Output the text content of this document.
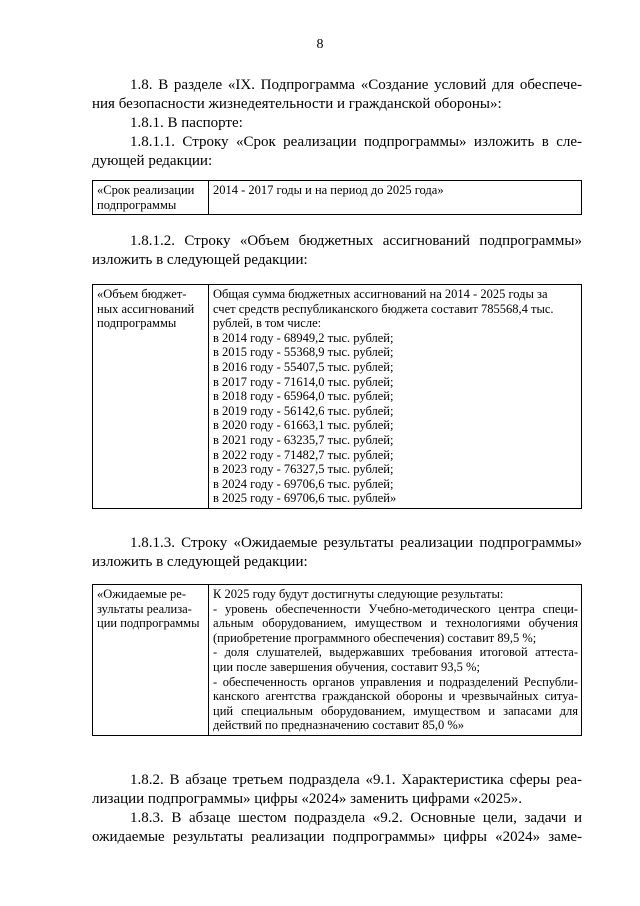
8
1.8. В разделе «IX. Подпрограмма «Создание условий для обеспече-
ния безопасности жизнедеятельности и гражданской обороны»:
1.8.1. В паспорте:
1.8.1.1. Строку «Срок реализации подпрограммы» изложить в сле-
дующей редакции:
«Срок реализации
подпрограммы

2014 - 2017 годы и на период до 2025 года»
1.8.1.2. Строку «Объем бюджетных ассигнований подпрограммы»
изложить в следующей редакции:
«Объем бюджет-
ных ассигнований
подпрограммы

Общая сумма бюджетных ассигнований на 2014 - 2025 годы за
счет средств республиканского бюджета составит 785568,4 тыс.
рублей, в том числе:
в 2014 году - 68949,2 тыс. рублей;
в 2015 году - 55368,9 тыс. рублей;
в 2016 году - 55407,5 тыс. рублей;
в 2017 году - 71614,0 тыс. рублей;
в 2018 году - 65964,0 тыс. рублей;
в 2019 году - 56142,6 тыс. рублей;
в 2020 году - 61663,1 тыс. рублей;
в 2021 году - 63235,7 тыс. рублей;
в 2022 году - 71482,7 тыс. рублей;
в 2023 году - 76327,5 тыс. рублей;
в 2024 году - 69706,6 тыс. рублей;
в 2025 году - 69706,6 тыс. рублей»
1.8.1.3. Строку «Ожидаемые результаты реализации подпрограммы»
изложить в следующей редакции:
«Ожидаемые ре-
зультаты реализа-
ции подпрограммы

К 2025 году будут достигнуты следующие результаты:
- уровень обеспеченности Учебно-методического центра специ-
альным оборудованием, имуществом и технологиями обучения
(приобретение программного обеспечения) составит 89,5 %;
- доля слушателей, выдержавших требования итоговой аттеста-
ции после завершения обучения, составит 93,5 %;
- обеспеченность органов управления и подразделений Республи-
канского агентства гражданской обороны и чрезвычайных ситуа-
ций специальным оборудованием, имуществом и запасами для
действий по предназначению составит 85,0 %»
1.8.2. В абзаце третьем подраздела «9.1. Характеристика сферы реа-
лизации подпрограммы» цифры «2024» заменить цифрами «2025».
1.8.3. В абзаце шестом подраздела «9.2. Основные цели, задачи и
ожидаемые результаты реализации подпрограммы» цифры «2024» заме-
